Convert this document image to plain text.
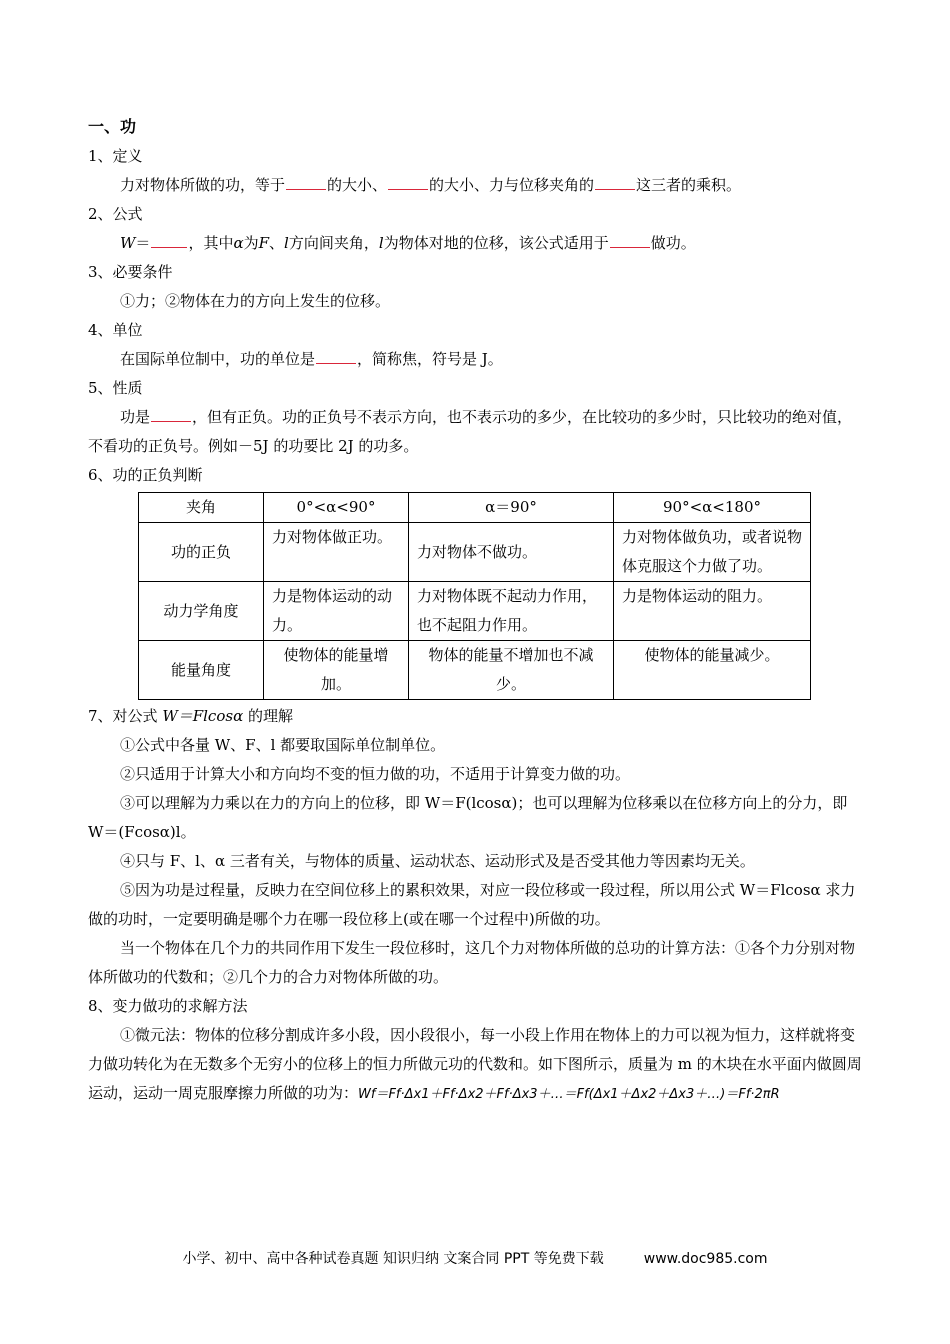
一、功
1、定义
力对物体所做的功，等于	的大小、	的大小、力与位移夹角的	这三者的乘积。
2、公式
W＝	，其中α为F、l方向间夹角，l为物体对地的位移，该公式适用于	做功。
3、必要条件
①力；②物体在力的方向上发生的位移。
4、单位
在国际单位制中，功的单位是	，简称焦，符号是 J。
5、性质
功是	，但有正负。功的正负号不表示方向，也不表示功的多少，在比较功的多少时，只比较功的绝对值，不看功的正负号。例如－5J 的功要比 2J 的功多。
6、功的正负判断
夹角	0°<α<90°	α＝90°	90°<α<180°
功的正负	力对物体做正功。	力对物体不做功。	力对物体做负功，或者说物体克服这个力做了功。
动力学角度	力是物体运动的动力。	力对物体既不起动力作用，也不起阻力作用。	力是物体运动的阻力。
能量角度	使物体的能量增加。	物体的能量不增加也不减少。	使物体的能量减少。
7、对公式 W＝Flcosα 的理解
①公式中各量 W、F、l 都要取国际单位制单位。
②只适用于计算大小和方向均不变的恒力做的功，不适用于计算变力做的功。
③可以理解为力乘以在力的方向上的位移，即 W＝F(lcosα)；也可以理解为位移乘以在位移方向上的分力，即 W＝(Fcosα)l。
④只与 F、l、α 三者有关，与物体的质量、运动状态、运动形式及是否受其他力等因素均无关。
⑤因为功是过程量，反映力在空间位移上的累积效果，对应一段位移或一段过程，所以用公式 W＝Flcosα 求力做的功时，一定要明确是哪个力在哪一段位移上(或在哪一个过程中)所做的功。
当一个物体在几个力的共同作用下发生一段位移时，这几个力对物体所做的总功的计算方法：①各个力分别对物体所做功的代数和；②几个力的合力对物体所做的功。
8、变力做功的求解方法
①微元法：物体的位移分割成许多小段，因小段很小，每一小段上作用在物体上的力可以视为恒力，这样就将变力做功转化为在无数多个无穷小的位移上的恒力所做元功的代数和。如下图所示，质量为 m 的木块在水平面内做圆周运动，运动一周克服摩擦力所做的功为：Wf＝Ff·Δx1＋Ff·Δx2＋Ff·Δx3＋…＝Ff(Δx1＋Δx2＋Δx3＋…)＝Ff·2πR
小学、初中、高中各种试卷真题 知识归纳 文案合同 PPT 等免费下载	www.doc985.com
